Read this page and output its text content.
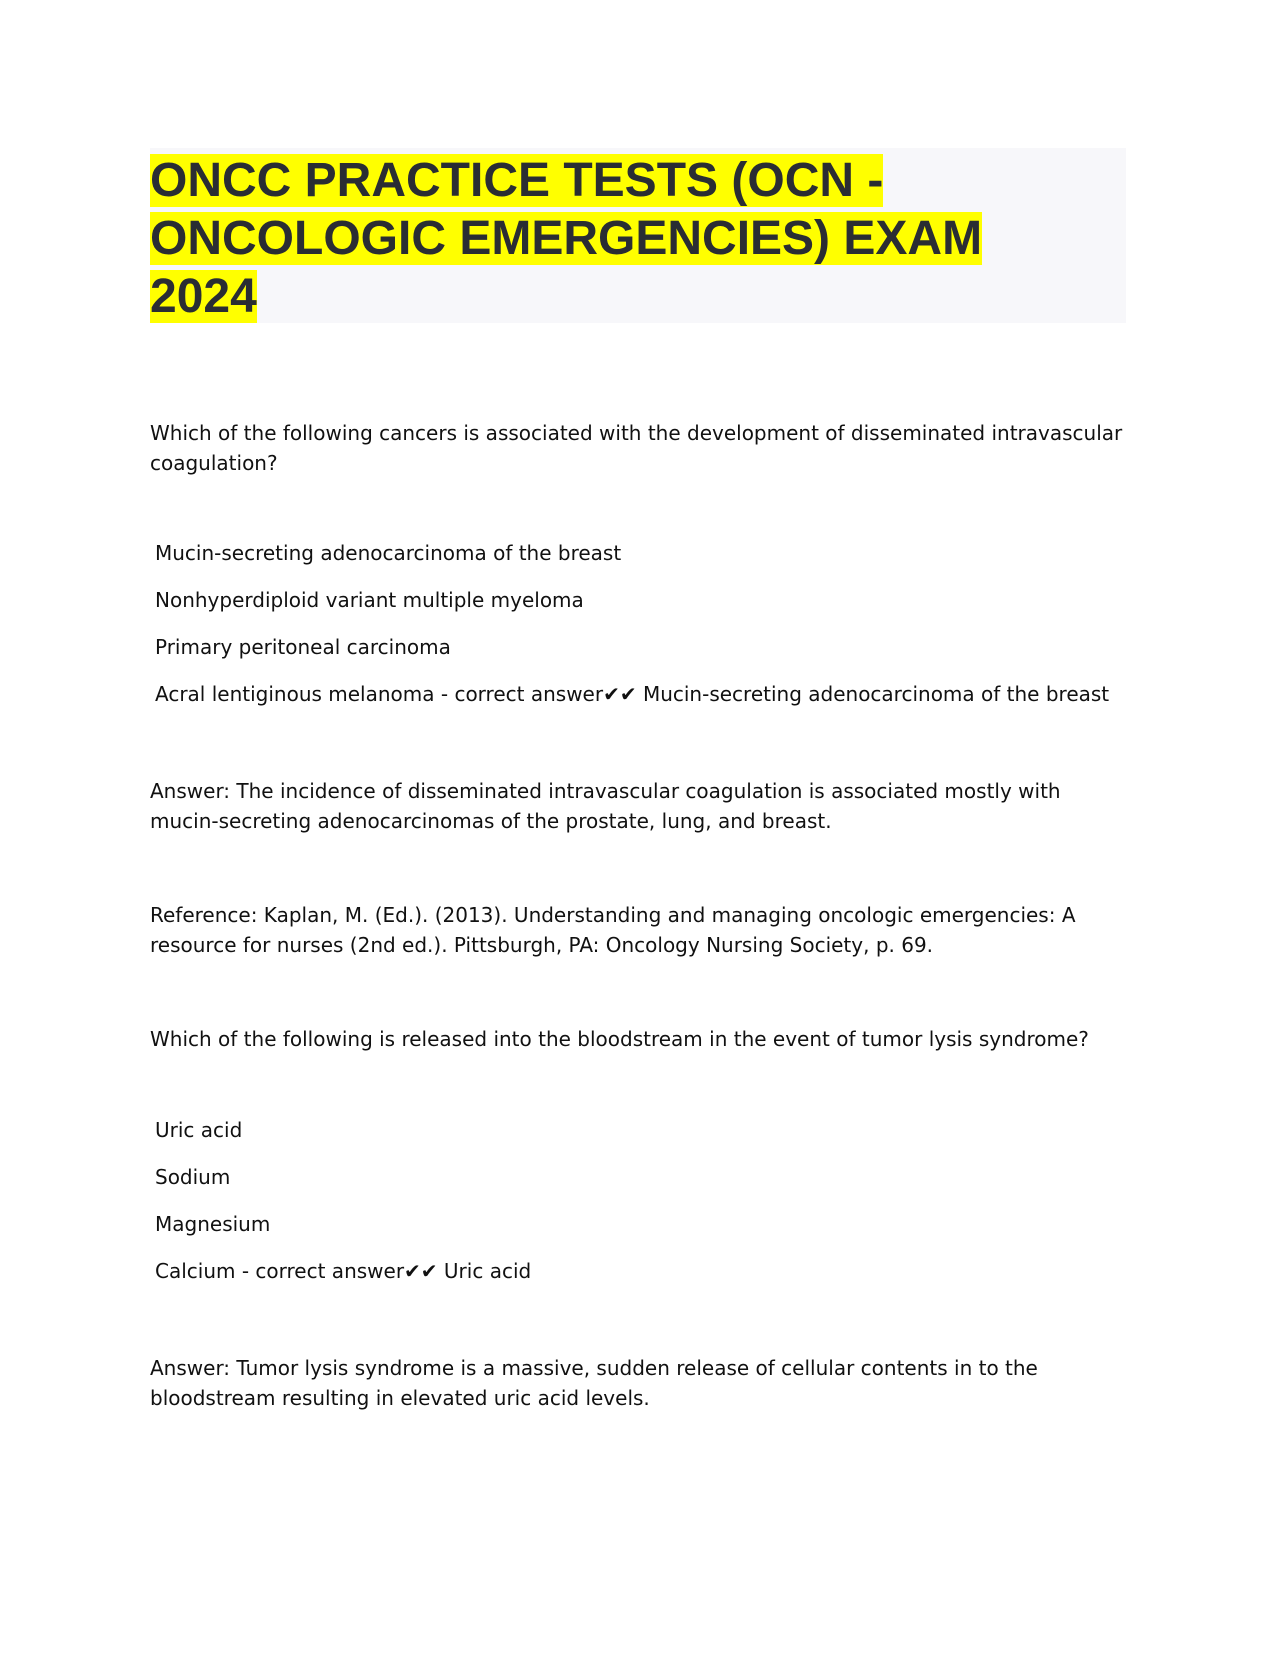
ONCC PRACTICE TESTS (OCN -
ONCOLOGIC EMERGENCIES) EXAM
2024

Which of the following cancers is associated with the development of disseminated intravascular coagulation?

Mucin-secreting adenocarcinoma of the breast

Nonhyperdiploid variant multiple myeloma

Primary peritoneal carcinoma

Acral lentiginous melanoma - correct answer✔✔ Mucin-secreting adenocarcinoma of the breast

Answer: The incidence of disseminated intravascular coagulation is associated mostly with mucin-secreting adenocarcinomas of the prostate, lung, and breast.

Reference: Kaplan, M. (Ed.). (2013). Understanding and managing oncologic emergencies: A resource for nurses (2nd ed.). Pittsburgh, PA: Oncology Nursing Society, p. 69.

Which of the following is released into the bloodstream in the event of tumor lysis syndrome?

Uric acid

Sodium

Magnesium

Calcium - correct answer✔✔ Uric acid

Answer: Tumor lysis syndrome is a massive, sudden release of cellular contents in to the bloodstream resulting in elevated uric acid levels.
